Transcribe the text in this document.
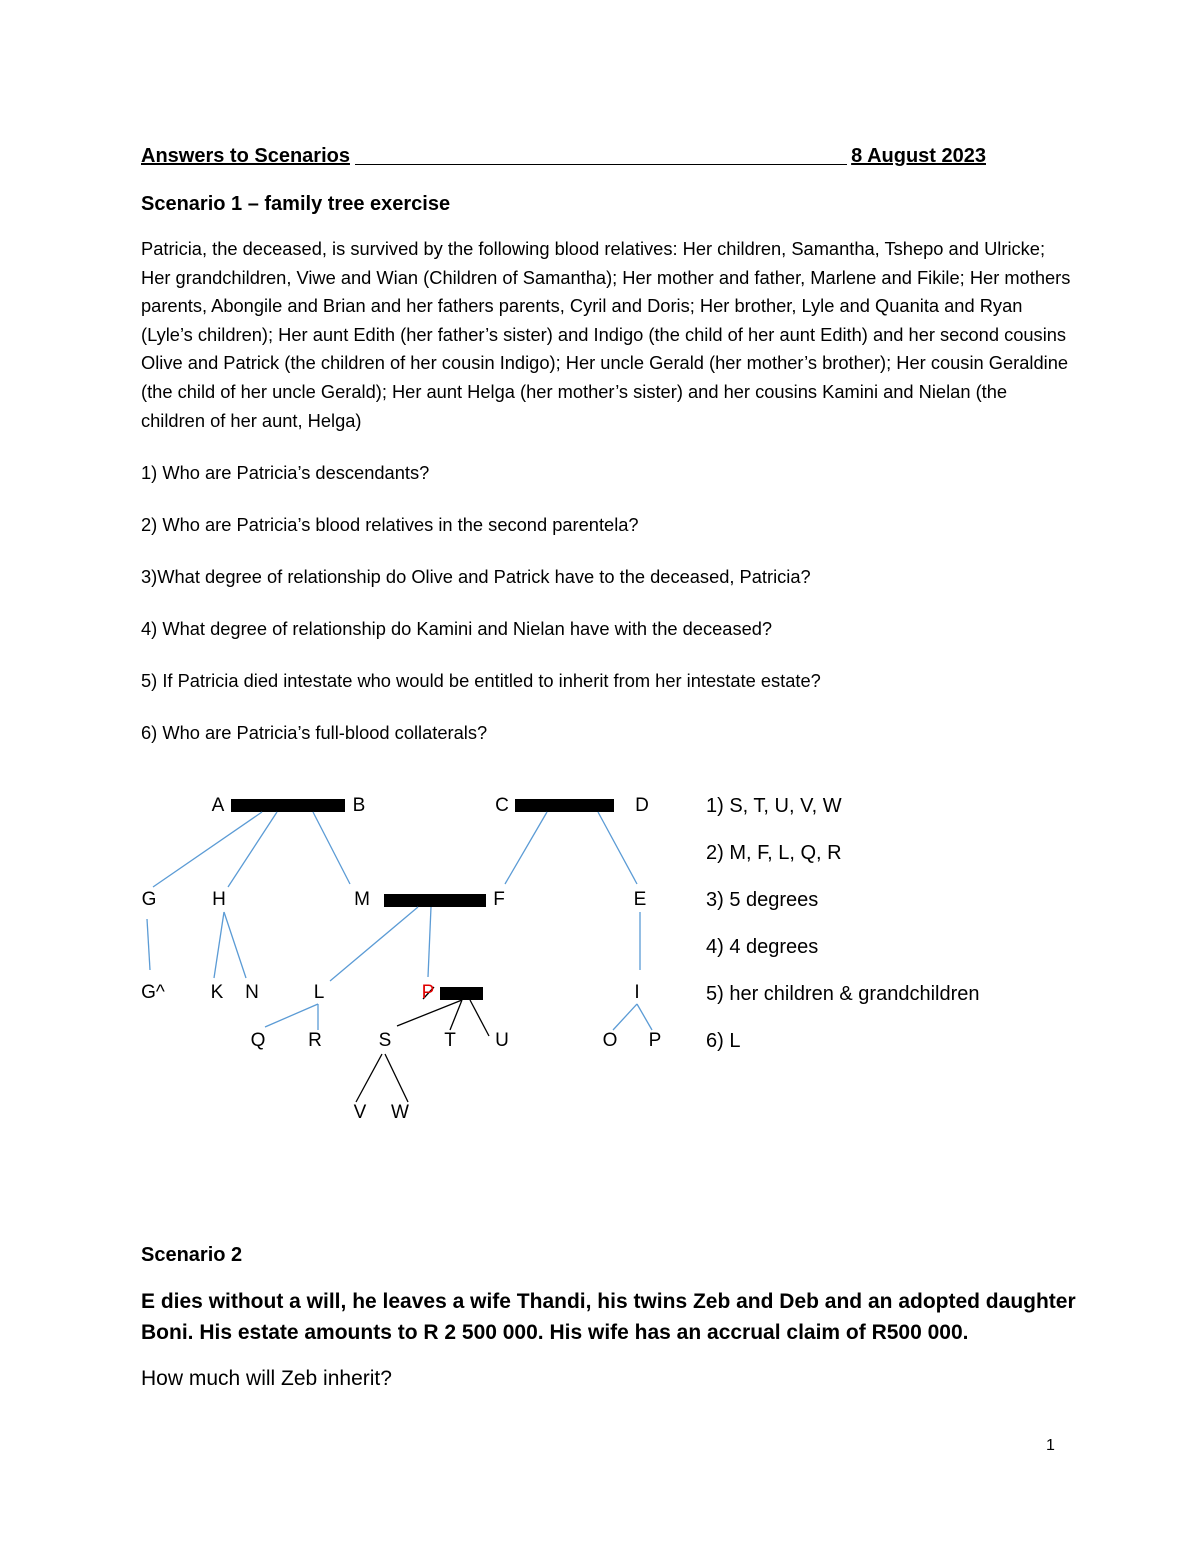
Answers to Scenarios	8 August 2023
Scenario 1 – family tree exercise
Patricia, the deceased, is survived by the following blood relatives: Her children, Samantha, Tshepo and Ulricke; Her grandchildren, Viwe and Wian (Children of Samantha); Her mother and father, Marlene and Fikile; Her mothers parents, Abongile and Brian and her fathers parents, Cyril and Doris; Her brother, Lyle and Quanita and Ryan (Lyle’s children); Her aunt Edith (her father’s sister) and Indigo (the child of her aunt Edith) and her second cousins Olive and Patrick (the children of her cousin Indigo); Her uncle Gerald (her mother’s brother); Her cousin Geraldine (the child of her uncle Gerald); Her aunt Helga (her mother’s sister) and her cousins Kamini and Nielan (the children of her aunt, Helga)
1) Who are Patricia’s descendants?
2) Who are Patricia’s blood relatives in the second parentela?
3)What degree of relationship do Olive and Patrick have to the deceased, Patricia?
4) What degree of relationship do Kamini and Nielan have with the deceased?
5) If Patricia died intestate who would be entitled to inherit from her intestate estate?
6) Who are Patricia’s full-blood collaterals?
A	B	C	D
G	H	M	F	E
G^ K N	L	P	I
Q R	S	T U	O P
V W
1) S, T, U, V, W
2) M, F, L, Q, R
3) 5 degrees
4) 4 degrees
5) her children & grandchildren
6) L
Scenario 2
E dies without a will, he leaves a wife Thandi, his twins Zeb and Deb and an adopted daughter Boni. His estate amounts to R 2 500 000. His wife has an accrual claim of R500 000.
How much will Zeb inherit?
1
